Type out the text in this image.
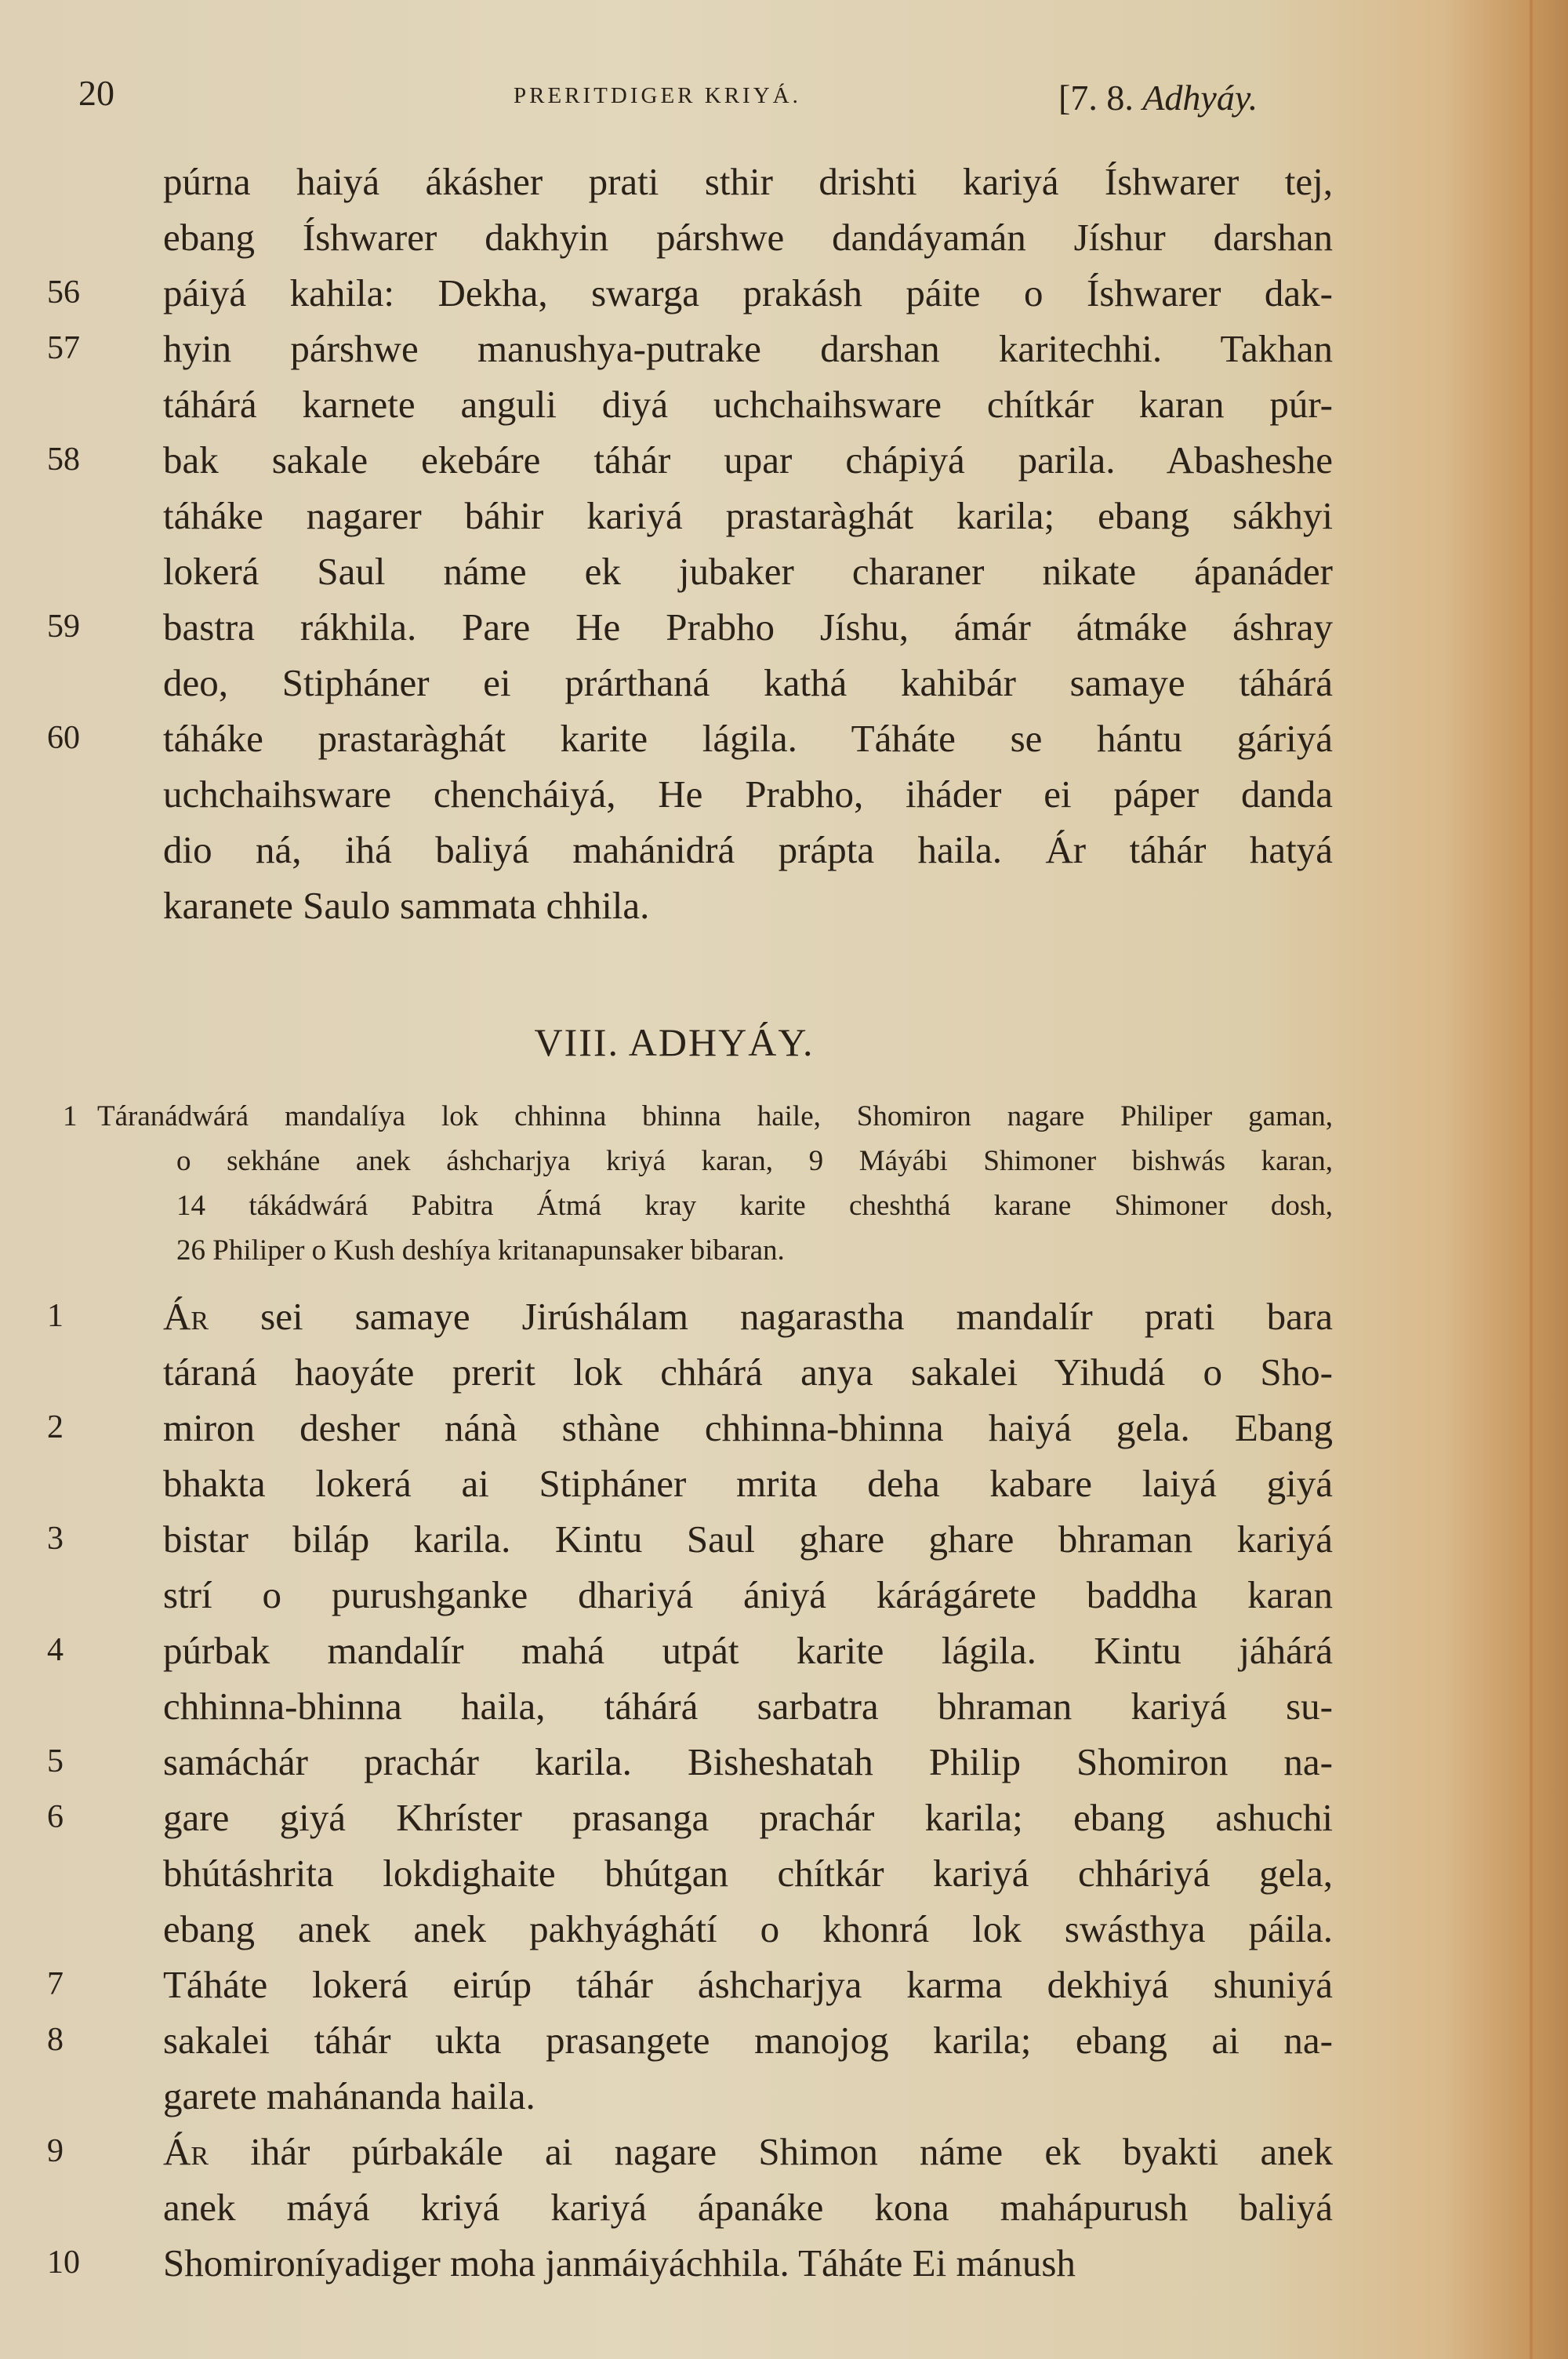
20	PRERITDIGER KRIYÁ.	[7. 8. Adhyáy.
púrna haiyá ákásher prati sthir drishti kariyá Íshwarer tej,
ebang Íshwarer dakhyin párshwe dandáyamán Jíshur darshan
56	páiyá kahila: Dekha, swarga prakásh páite o Íshwarer dak-
57	hyin párshwe manushya-putrake darshan karitechhi. Takhan
táhárá karnete anguli diyá uchchaihsware chítkár karan púr-
58	bak sakale ekebáre táhár upar chápiyá parila. Abasheshe
táháke nagarer báhir kariyá prastaràghát karila; ebang sákhyi
lokerá Saul náme ek jubaker charaner nikate ápanáder
59	bastra rákhila. Pare He Prabho Jíshu, ámár átmáke áshray
deo, Stipháner ei prárthaná kathá kahibár samaye táhárá
60	táháke prastaràghát karite lágila. Táháte se hántu gáriyá
uchchaihsware chencháiyá, He Prabho, iháder ei páper danda
dio ná, ihá baliyá mahánidrá prápta haila. Ár táhár hatyá
karanete Saulo sammata chhila.
VIII. ADHYÁY.
1 Táranádwárá mandalíya lok chhinna bhinna haile, Shomiron nagare Philiper gaman,
o sekháne anek áshcharjya kriyá karan, 9 Máyábi Shimoner bishwás karan,
14 tákádwárá Pabitra Átmá kray karite cheshthá karane Shimoner dosh,
26 Philiper o Kush deshíya kritanapunsaker bibaran.
1	Ár sei samaye Jirúshálam nagarastha mandalír prati bara
táraná haoyáte prerit lok chhárá anya sakalei Yihudá o Sho-
2	miron desher nánà sthàne chhinna-bhinna haiyá gela. Ebang
bhakta lokerá ai Stipháner mrita deha kabare laiyá giyá
3	bistar biláp karila. Kintu Saul ghare ghare bhraman kariyá
strí o purushganke dhariyá ániyá kárágárete baddha karan
4	púrbak mandalír mahá utpát karite lágila. Kintu jáhárá
chhinna-bhinna haila, táhárá sarbatra bhraman kariyá su-
5	samáchár prachár karila. Bisheshatah Philip Shomiron na-
6	gare giyá Khríster prasanga prachár karila; ebang ashuchi
bhútáshrita lokdighaite bhútgan chítkár kariyá chháriyá gela,
ebang anek anek pakhyághátí o khonrá lok swásthya páila.
7	Táháte lokerá eirúp táhár áshcharjya karma dekhiyá shuniyá
8	sakalei táhár ukta prasangete manojog karila; ebang ai na-
garete mahánanda haila.
9	Ár ihár púrbakále ai nagare Shimon náme ek byakti anek
anek máyá kriyá kariyá ápanáke kona mahápurush baliyá
10	Shomironíyadiger moha janmáiyáchhila. Táháte Ei mánush
